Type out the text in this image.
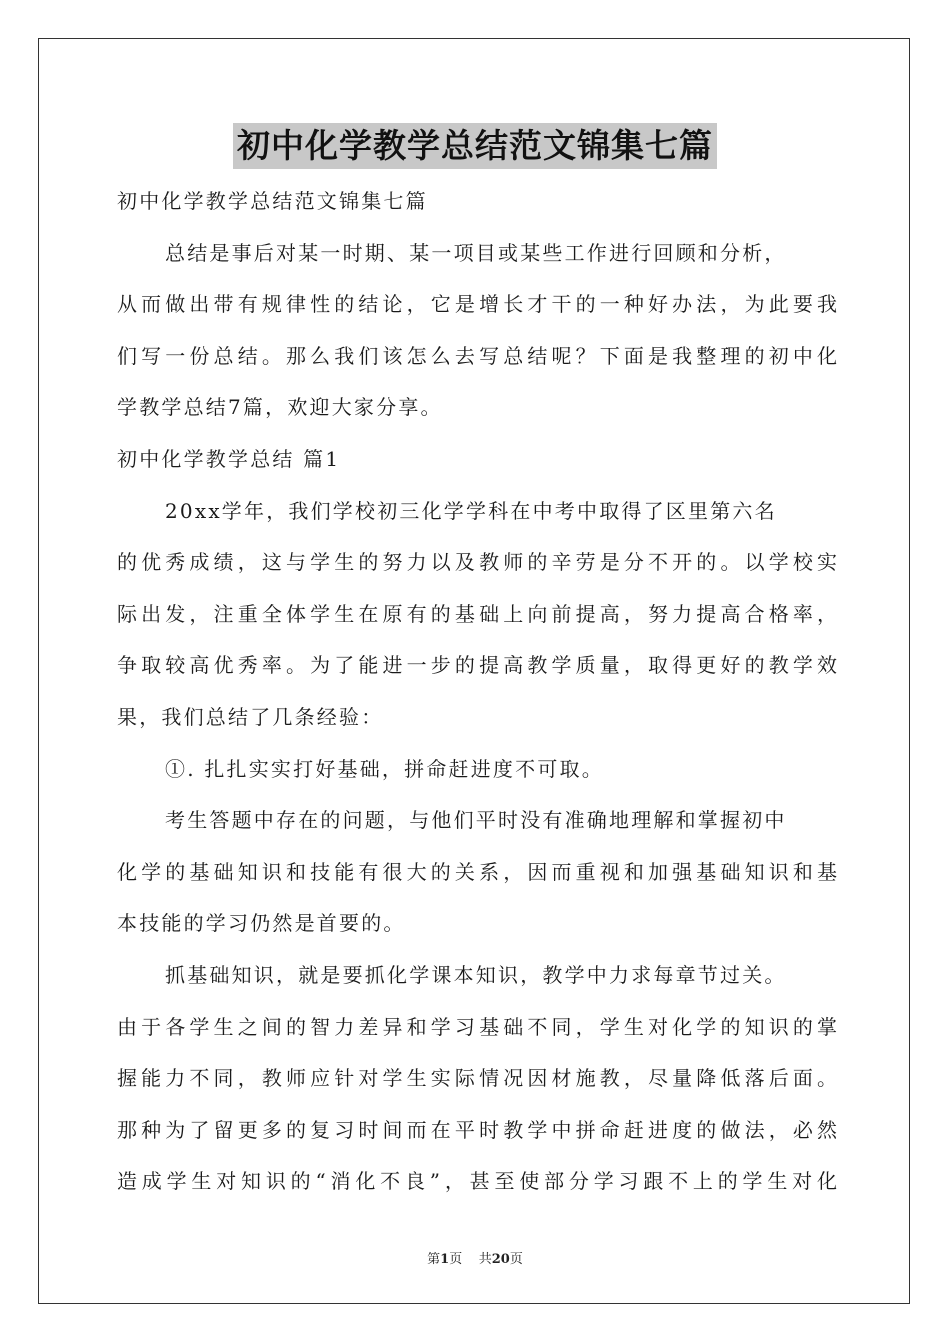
初中化学教学总结范文锦集七篇
初中化学教学总结范文锦集七篇
总结是事后对某一时期、某一项目或某些工作进行回顾和分析，
从而做出带有规律性的结论，它是增长才干的一种好办法，为此要我
们写一份总结。那么我们该怎么去写总结呢？下面是我整理的初中化
学教学总结7篇，欢迎大家分享。
初中化学教学总结 篇1
20xx学年，我们学校初三化学学科在中考中取得了区里第六名
的优秀成绩，这与学生的努力以及教师的辛劳是分不开的。以学校实
际出发，注重全体学生在原有的基础上向前提高，努力提高合格率，
争取较高优秀率。为了能进一步的提高教学质量，取得更好的教学效
果，我们总结了几条经验：
①. 扎扎实实打好基础，拼命赶进度不可取。
考生答题中存在的问题，与他们平时没有准确地理解和掌握初中
化学的基础知识和技能有很大的关系，因而重视和加强基础知识和基
本技能的学习仍然是首要的。
抓基础知识，就是要抓化学课本知识，教学中力求每章节过关。
由于各学生之间的智力差异和学习基础不同，学生对化学的知识的掌
握能力不同，教师应针对学生实际情况因材施教，尽量降低落后面。
那种为了留更多的复习时间而在平时教学中拼命赶进度的做法，必然
造成学生对知识的“消化不良”，甚至使部分学习跟不上的学生对化
第1页 共20页
